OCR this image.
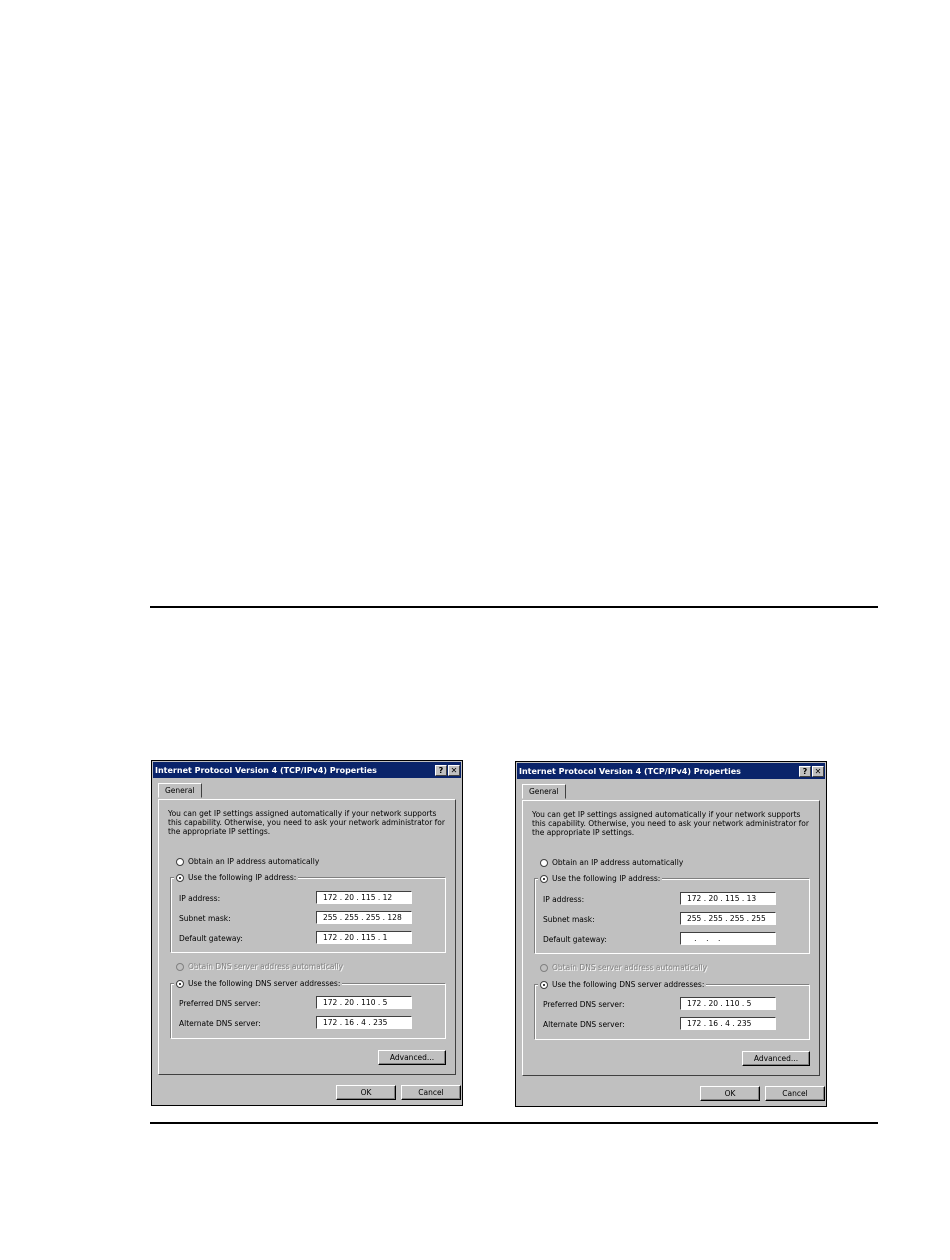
Internet Protocol Version 4 (TCP/IPv4) Properties	? ✕
General
You can get IP settings assigned automatically if your network supports this capability. Otherwise, you need to ask your network administrator for the appropriate IP settings.
Obtain an IP address automatically
Use the following IP address:
IP address:	172 . 20 . 115 . 12
Subnet mask:	255 . 255 . 255 . 128
Default gateway:	172 . 20 . 115 . 1
Obtain DNS server address automatically
Use the following DNS server addresses:
Preferred DNS server:	172 . 20 . 110 . 5
Alternate DNS server:	172 . 16 . 4 . 235
Advanced...
OK	Cancel
Internet Protocol Version 4 (TCP/IPv4) Properties	? ✕
General
You can get IP settings assigned automatically if your network supports this capability. Otherwise, you need to ask your network administrator for the appropriate IP settings.
Obtain an IP address automatically
Use the following IP address:
IP address:	172 . 20 . 115 . 13
Subnet mask:	255 . 255 . 255 . 255
Default gateway:	.    .    .
Obtain DNS server address automatically
Use the following DNS server addresses:
Preferred DNS server:	172 . 20 . 110 . 5
Alternate DNS server:	172 . 16 . 4 . 235
Advanced...
OK	Cancel
